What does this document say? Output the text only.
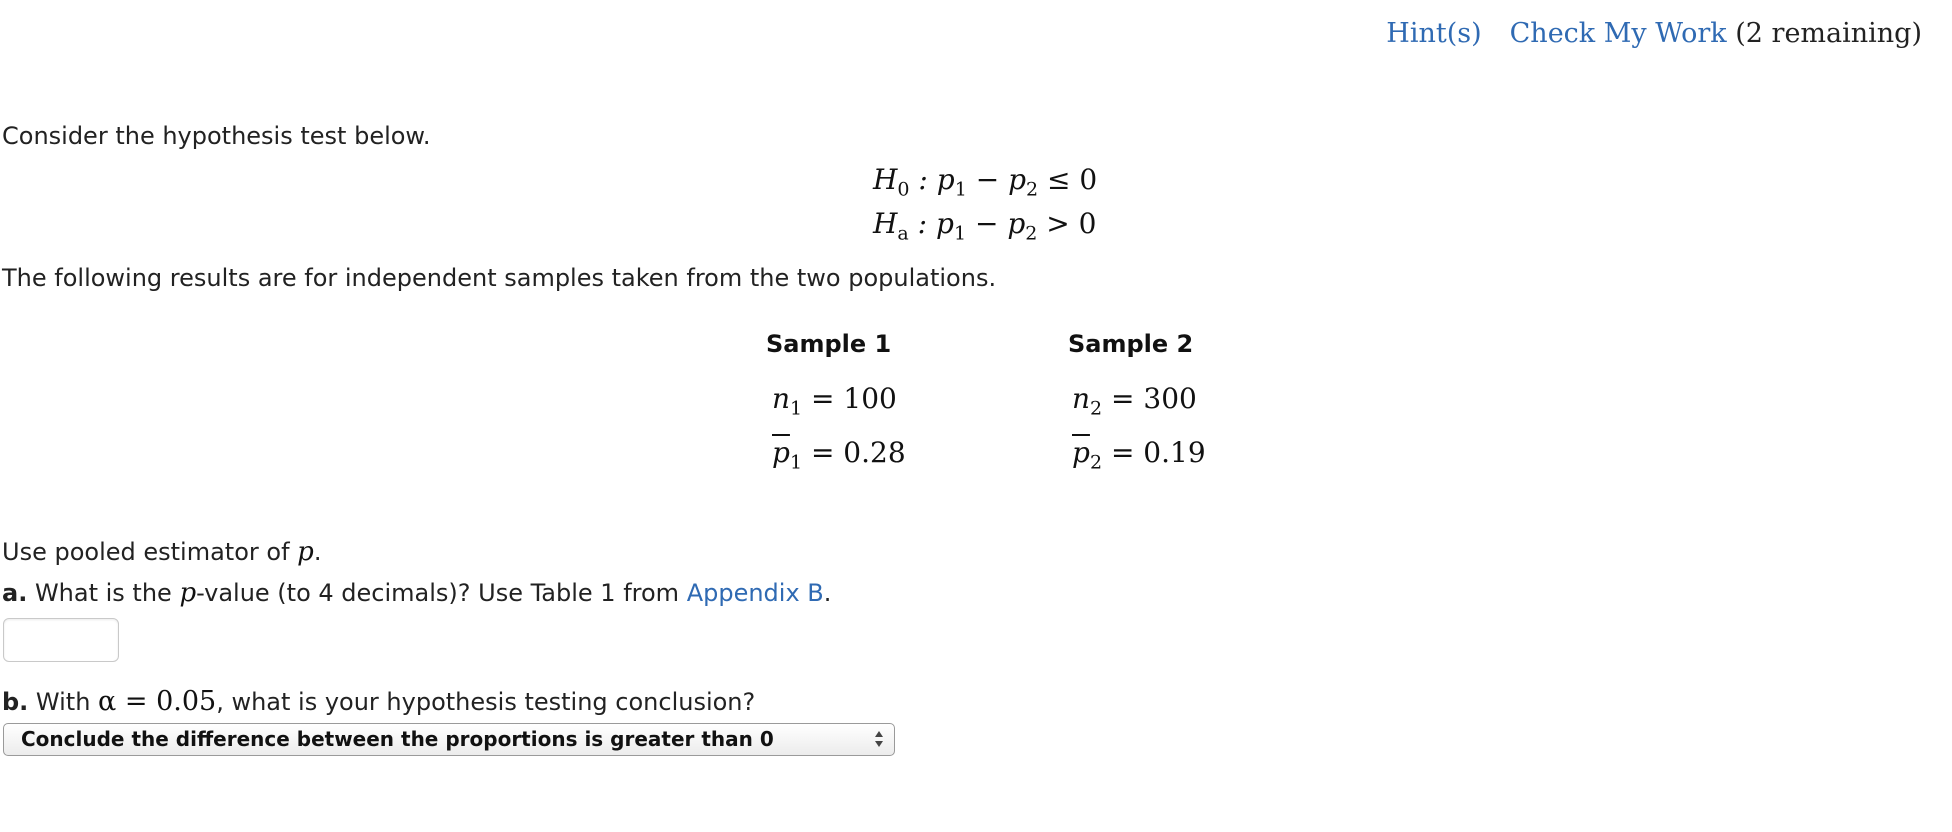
Hint(s) Check My Work (2 remaining)
Consider the hypothesis test below.
$H_0$ : $p_1 - p_2 \le 0$
$H_a$ : $p_1 - p_2 > 0$
The following results are for independent samples taken from the two populations.
Sample 1	Sample 2
$n_1 = 100$	$n_2 = 300$
$\overline{p}_1 = 0.28$	$\overline{p}_2 = 0.19$
Use pooled estimator of p.
a. What is the p-value (to 4 decimals)? Use Table 1 from Appendix B.
b. With α = 0.05, what is your hypothesis testing conclusion?
Conclude the difference between the proportions is greater than 0
